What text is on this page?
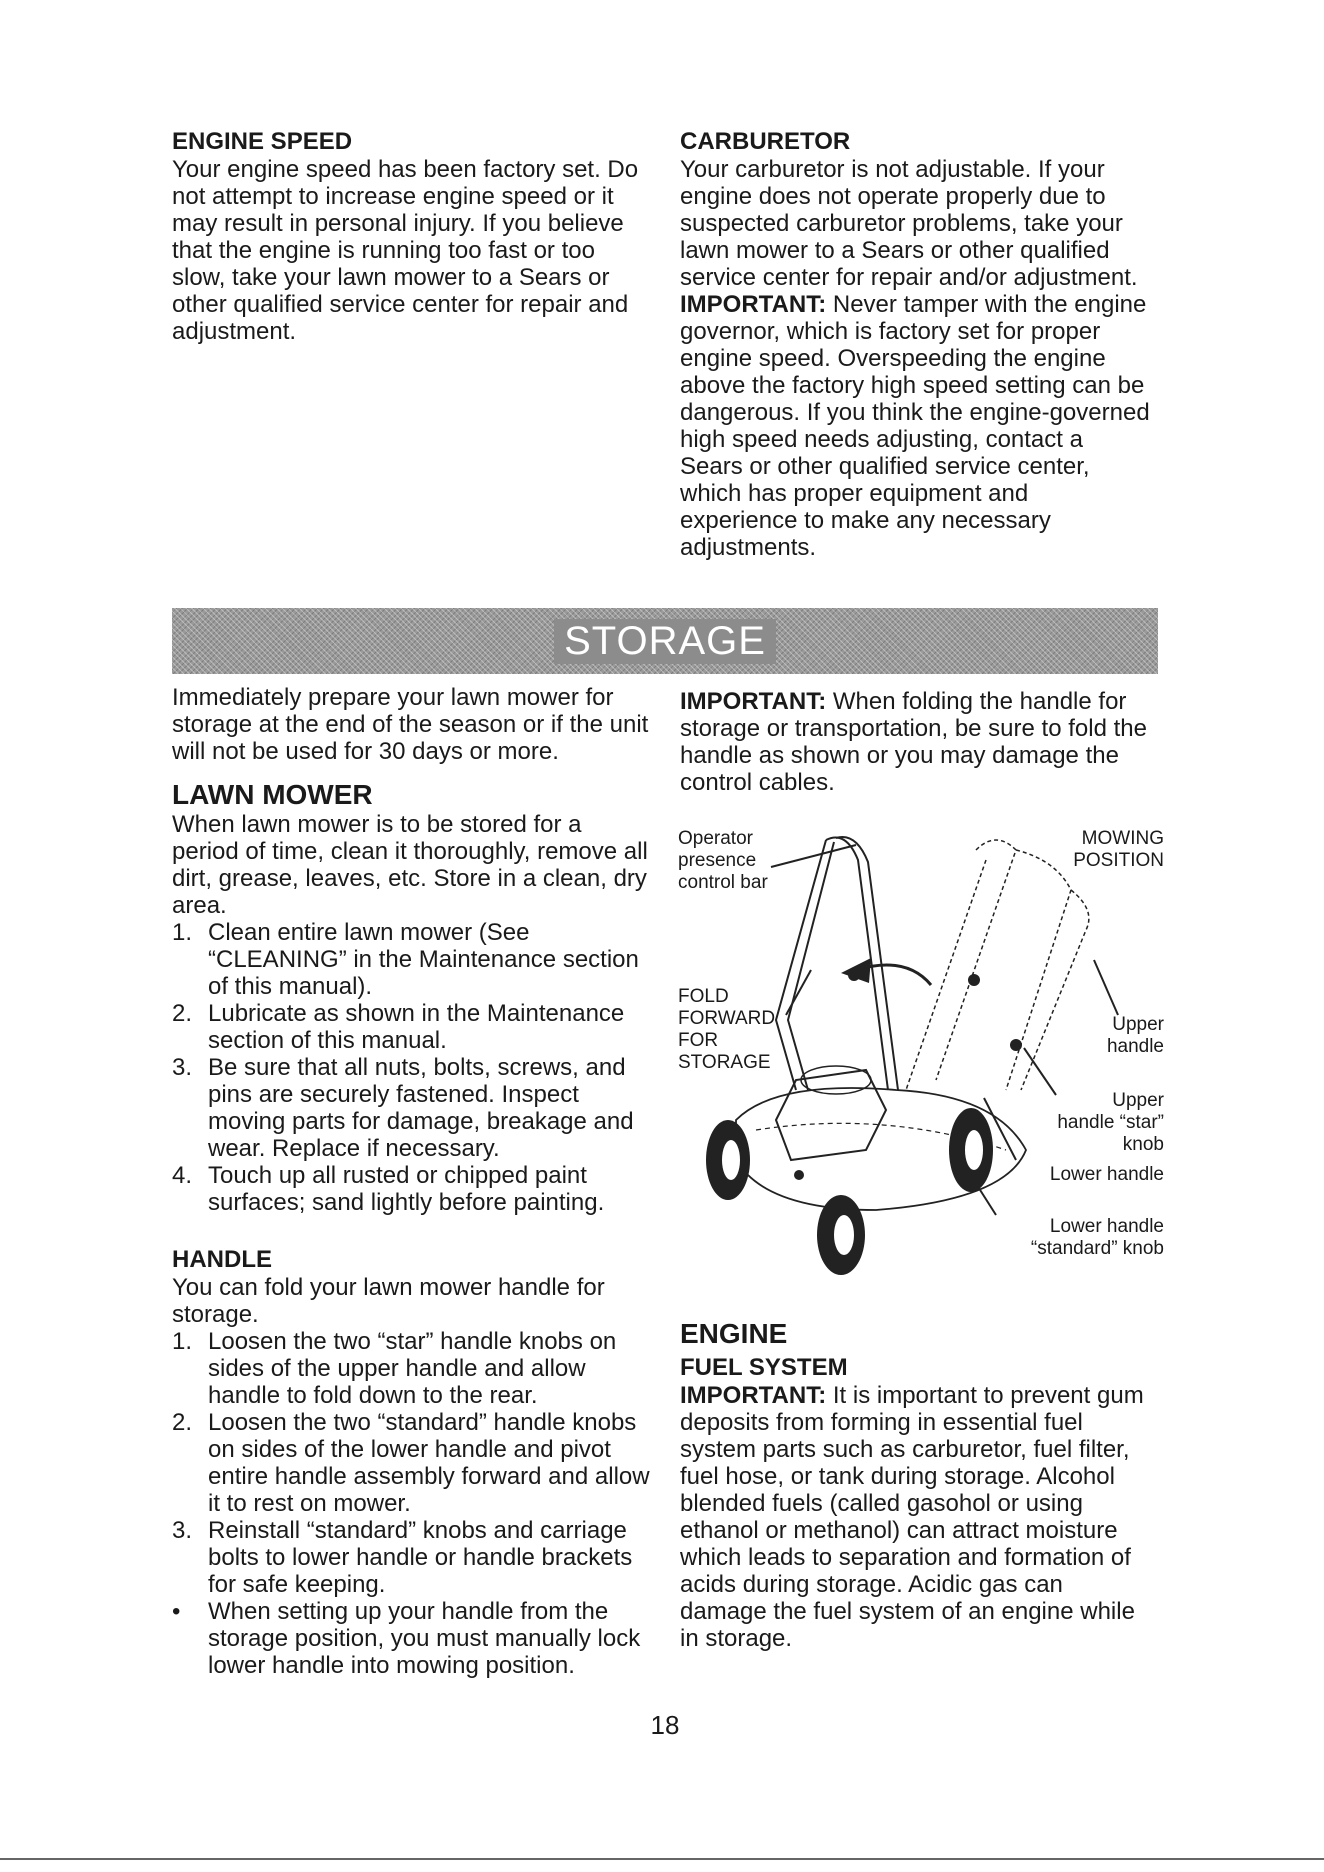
ENGINE SPEED

Your engine speed has been factory set. Do not attempt to increase engine speed or it may result in personal injury. If you believe that the engine is running too fast or too slow, take your lawn mower to a Sears or other qualified service center for repair and adjustment.

CARBURETOR

Your carburetor is not adjustable. If your engine does not operate properly due to suspected carburetor problems, take your lawn mower to a Sears or other qualified service center for repair and/or adjustment.

IMPORTANT: Never tamper with the engine governor, which is factory set for proper engine speed. Overspeeding the engine above the factory high speed setting can be dangerous. If you think the engine-governed high speed needs adjusting, contact a Sears or other qualified service center, which has proper equipment and experience to make any necessary adjustments.

STORAGE

Immediately prepare your lawn mower for storage at the end of the season or if the unit will not be used for 30 days or more.

LAWN MOWER

When lawn mower is to be stored for a period of time, clean it thoroughly, remove all dirt, grease, leaves, etc. Store in a clean, dry area.

1. Clean entire lawn mower (See “CLEANING” in the Maintenance section of this manual).
2. Lubricate as shown in the Maintenance section of this manual.
3. Be sure that all nuts, bolts, screws, and pins are securely fastened. Inspect moving parts for damage, breakage and wear. Replace if necessary.
4. Touch up all rusted or chipped paint surfaces; sand lightly before painting.
HANDLE

You can fold your lawn mower handle for storage.

1. Loosen the two “star” handle knobs on sides of the upper handle and allow handle to fold down to the rear.
2. Loosen the two “standard” handle knobs on sides of the lower handle and pivot entire handle assembly forward and allow it to rest on mower.
3. Reinstall “standard” knobs and carriage bolts to lower handle or handle brackets for safe keeping.
• When setting up your handle from the storage position, you must manually lock lower handle into mowing position.

IMPORTANT: When folding the handle for storage or transportation, be sure to fold the handle as shown or you may damage the control cables.

Operator presence control bar
MOWING POSITION
FOLD FORWARD FOR STORAGE
Upper handle
Upper handle “star” knob
Lower handle
Lower handle “standard” knob
ENGINE
FUEL SYSTEM

IMPORTANT: It is important to prevent gum deposits from forming in essential fuel system parts such as carburetor, fuel filter, fuel hose, or tank during storage. Alcohol blended fuels (called gasohol or using ethanol or methanol) can attract moisture which leads to separation and formation of acids during storage. Acidic gas can damage the fuel system of an engine while in storage.

18
